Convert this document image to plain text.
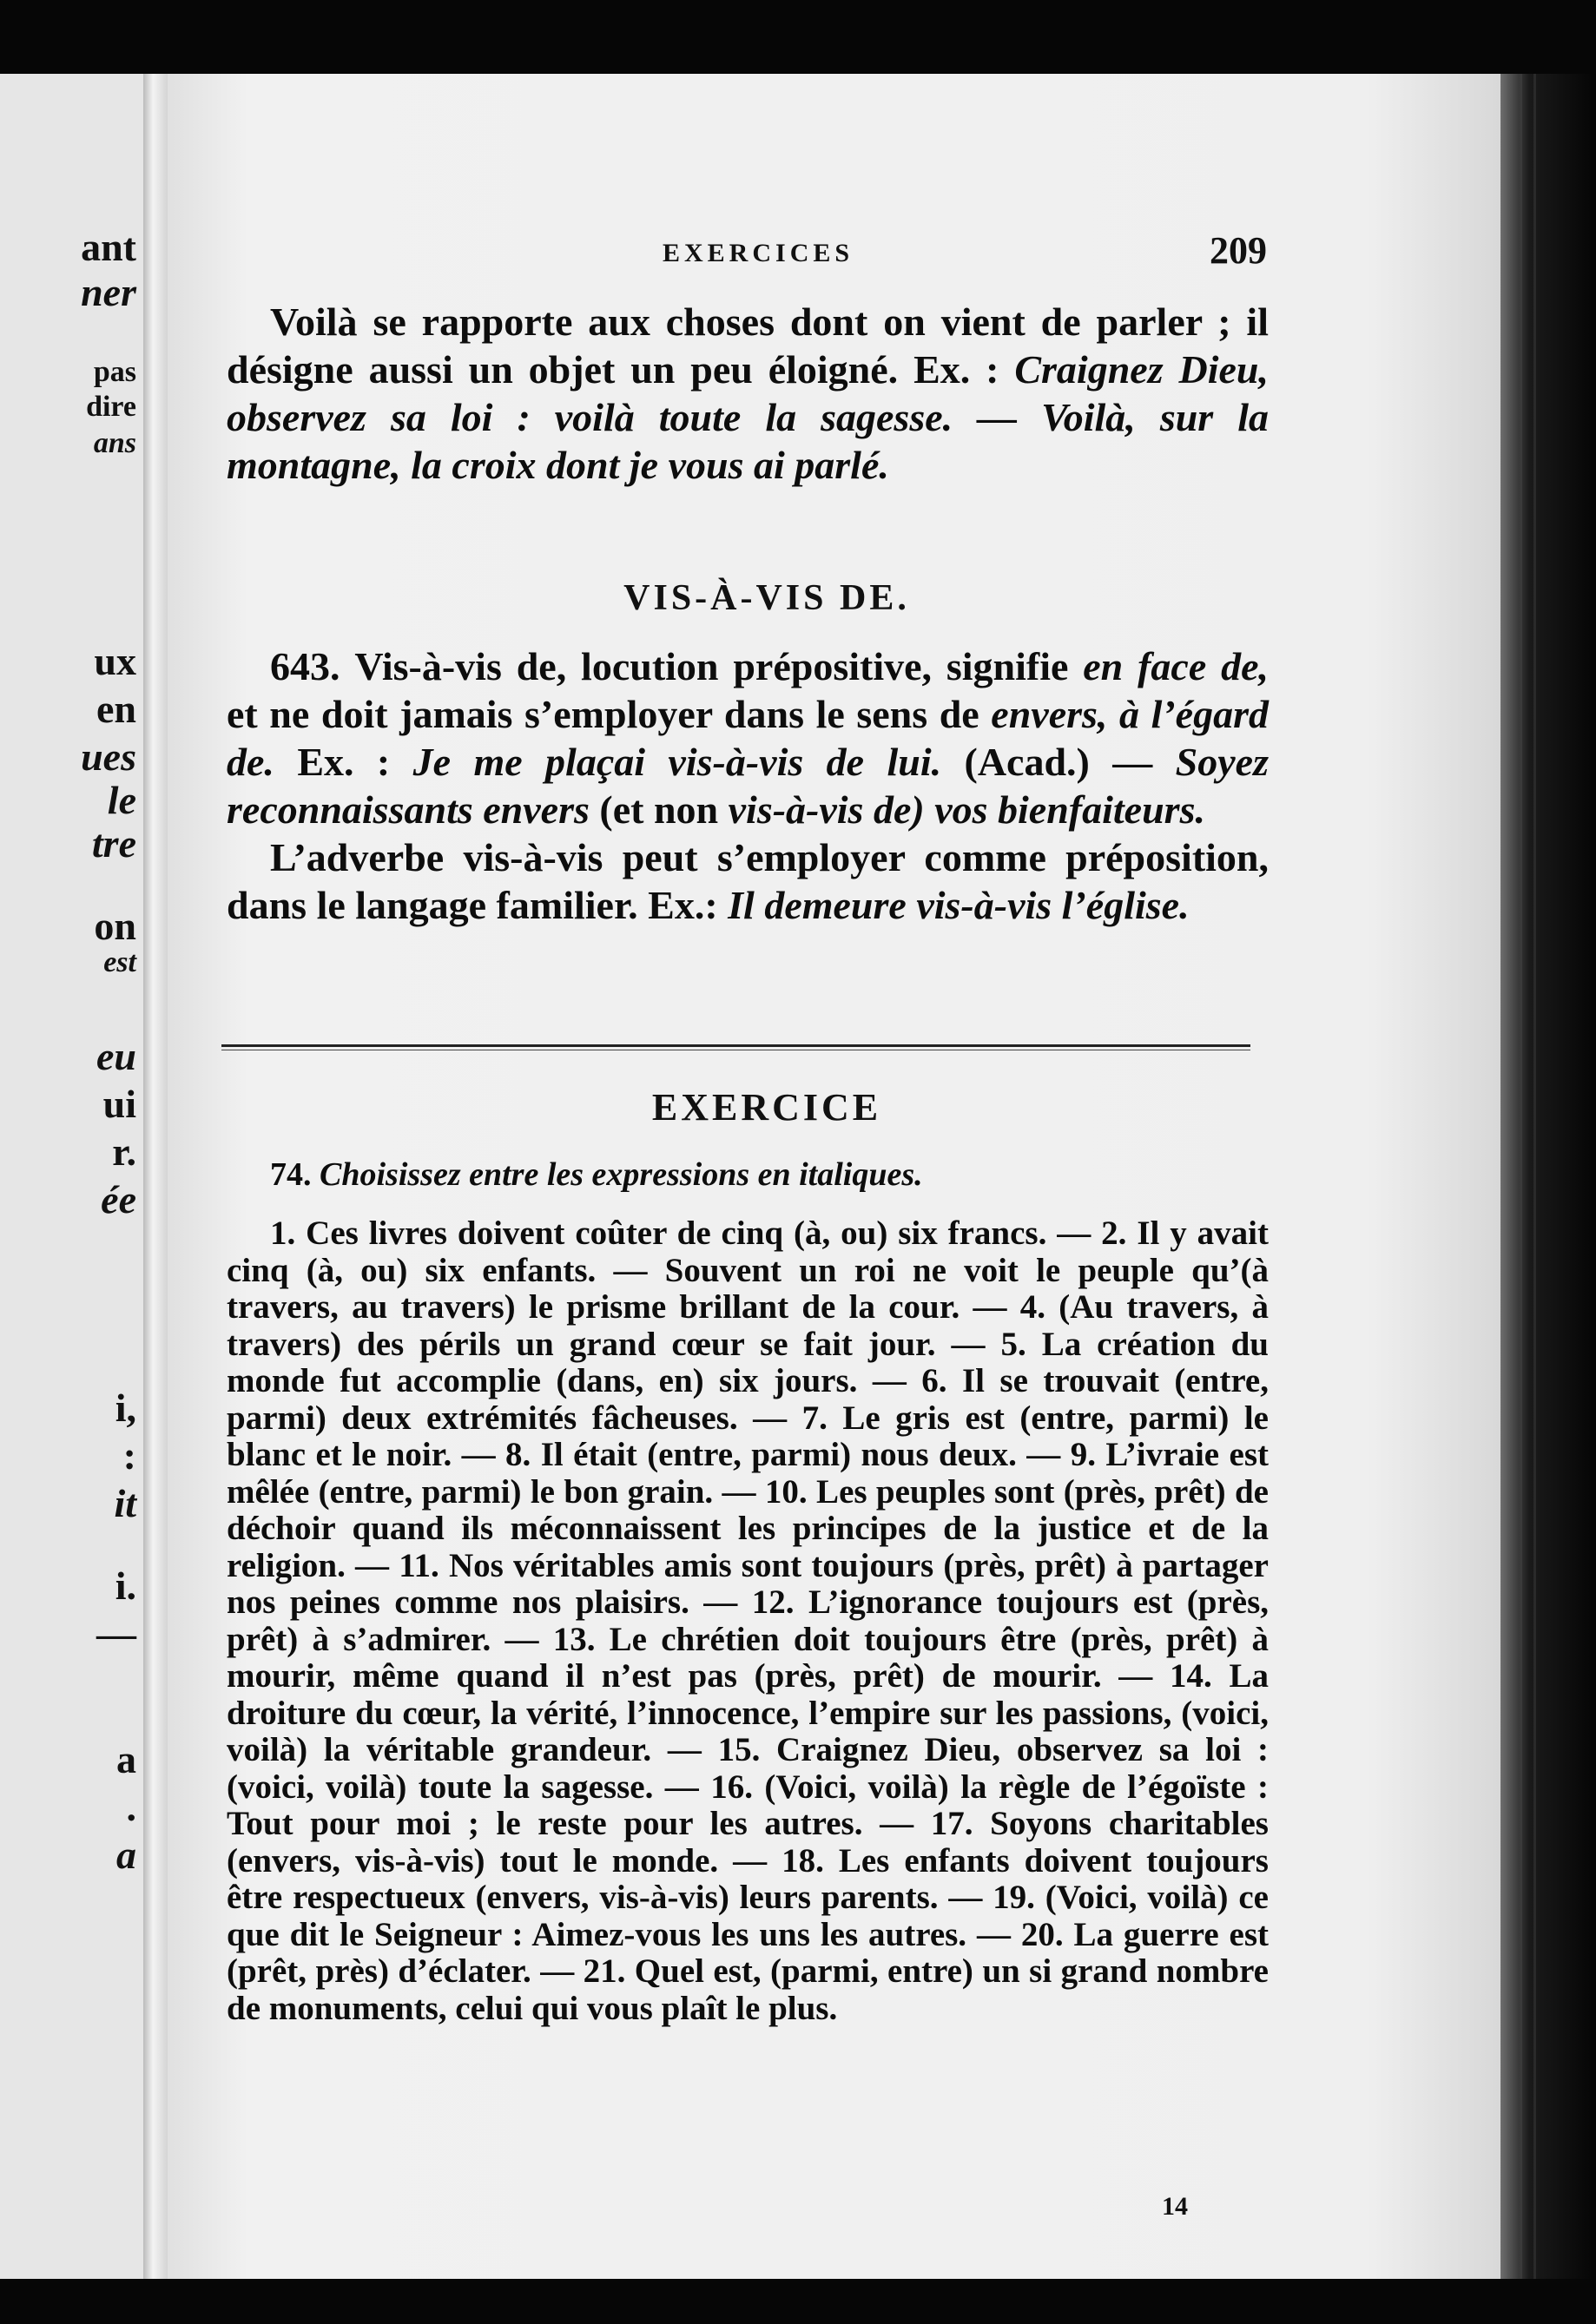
ant
ner
pas
dire
ans
ux
en
ues
le
tre
on
est
eu
ui
r.
ée
i,
:
it
i.
—
a
.
a
EXERCICES	209

Voilà se rapporte aux choses dont on vient de parler ; il désigne aussi un objet un peu éloigné. Ex. : Craignez Dieu, observez sa loi : voilà toute la sagesse. — Voilà, sur la montagne, la croix dont je vous ai parlé.

VIS-À-VIS DE.

643. Vis-à-vis de, locution prépositive, signifie en face de, et ne doit jamais s’employer dans le sens de envers, à l’égard de. Ex. : Je me plaçai vis-à-vis de lui. (Acad.) — Soyez reconnaissants envers (et non vis-à-vis de) vos bienfaiteurs.

L’adverbe vis-à-vis peut s’employer comme préposition, dans le langage familier. Ex.: Il demeure vis-à-vis l’église.

EXERCICE

74. Choisissez entre les expressions en italiques.

1. Ces livres doivent coûter de cinq (à, ou) six francs. — 2. Il y avait cinq (à, ou) six enfants. — Souvent un roi ne voit le peuple qu’(à travers, au travers) le prisme brillant de la cour. — 4. (Au travers, à travers) des périls un grand cœur se fait jour. — 5. La création du monde fut accomplie (dans, en) six jours. — 6. Il se trouvait (entre, parmi) deux extrémités fâcheuses. — 7. Le gris est (entre, parmi) le blanc et le noir. — 8. Il était (entre, parmi) nous deux. — 9. L’ivraie est mêlée (entre, parmi) le bon grain. — 10. Les peuples sont (près, prêt) de déchoir quand ils méconnaissent les principes de la justice et de la religion. — 11. Nos véritables amis sont toujours (près, prêt) à partager nos peines comme nos plaisirs. — 12. L’ignorance toujours est (près, prêt) à s’admirer. — 13. Le chrétien doit toujours être (près, prêt) à mourir, même quand il n’est pas (près, prêt) de mourir. — 14. La droiture du cœur, la vérité, l’innocence, l’empire sur les passions, (voici, voilà) la véritable grandeur. — 15. Craignez Dieu, observez sa loi : (voici, voilà) toute la sagesse. — 16. (Voici, voilà) la règle de l’égoïste : Tout pour moi ; le reste pour les autres. — 17. Soyons charitables (envers, vis-à-vis) tout le monde. — 18. Les enfants doivent toujours être respectueux (envers, vis-à-vis) leurs parents. — 19. (Voici, voilà) ce que dit le Seigneur : Aimez-vous les uns les autres. — 20. La guerre est (prêt, près) d’éclater. — 21. Quel est, (parmi, entre) un si grand nombre de monuments, celui qui vous plaît le plus.

14
